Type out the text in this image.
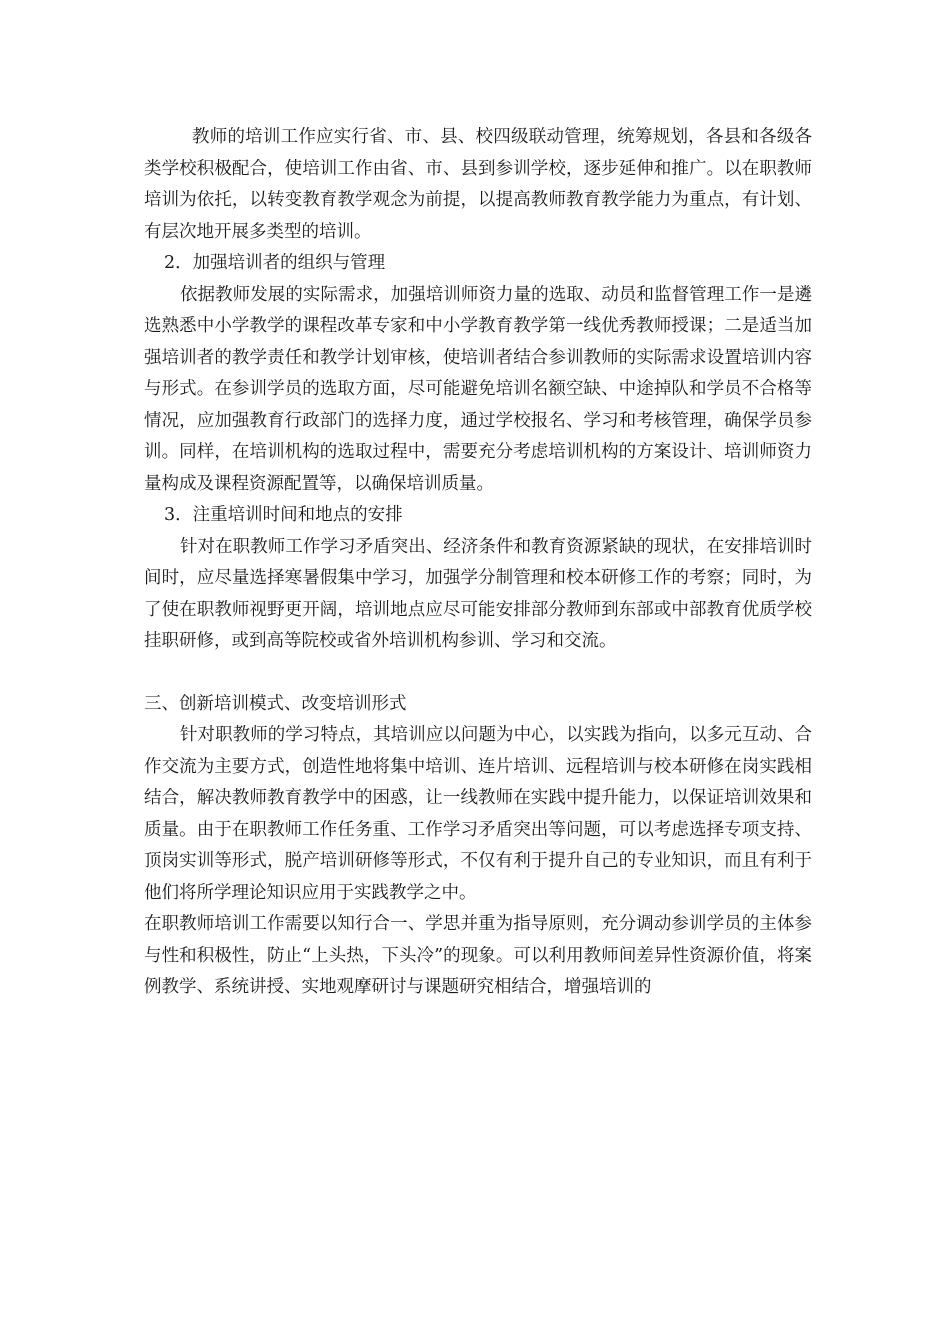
教师的培训工作应实行省、市、县、校四级联动管理，统筹规划，各县和各级各类学校积极配合，使培训工作由省、市、县到参训学校，逐步延伸和推广。以在职教师培训为依托，以转变教育教学观念为前提，以提高教师教育教学能力为重点，有计划、有层次地开展多类型的培训。

2．加强培训者的组织与管理

依据教师发展的实际需求，加强培训师资力量的选取、动员和监督管理工作一是遴选熟悉中小学教学的课程改革专家和中小学教育教学第一线优秀教师授课；二是适当加强培训者的教学责任和教学计划审核，使培训者结合参训教师的实际需求设置培训内容与形式。在参训学员的选取方面，尽可能避免培训名额空缺、中途掉队和学员不合格等情况，应加强教育行政部门的选择力度，通过学校报名、学习和考核管理，确保学员参训。同样，在培训机构的选取过程中，需要充分考虑培训机构的方案设计、培训师资力量构成及课程资源配置等，以确保培训质量。

3．注重培训时间和地点的安排

针对在职教师工作学习矛盾突出、经济条件和教育资源紧缺的现状，在安排培训时间时，应尽量选择寒暑假集中学习，加强学分制管理和校本研修工作的考察；同时，为了使在职教师视野更开阔，培训地点应尽可能安排部分教师到东部或中部教育优质学校挂职研修，或到高等院校或省外培训机构参训、学习和交流。

三、创新培训模式、改变培训形式

针对职教师的学习特点，其培训应以问题为中心，以实践为指向，以多元互动、合作交流为主要方式，创造性地将集中培训、连片培训、远程培训与校本研修在岗实践相结合，解决教师教育教学中的困惑，让一线教师在实践中提升能力，以保证培训效果和质量。由于在职教师工作任务重、工作学习矛盾突出等问题，可以考虑选择专项支持、顶岗实训等形式，脱产培训研修等形式，不仅有利于提升自己的专业知识，而且有利于他们将所学理论知识应用于实践教学之中。

在职教师培训工作需要以知行合一、学思并重为指导原则，充分调动参训学员的主体参与性和积极性，防止“上头热，下头冷”的现象。可以利用教师间差异性资源价值，将案例教学、系统讲授、实地观摩研讨与课题研究相结合，增强培训的
